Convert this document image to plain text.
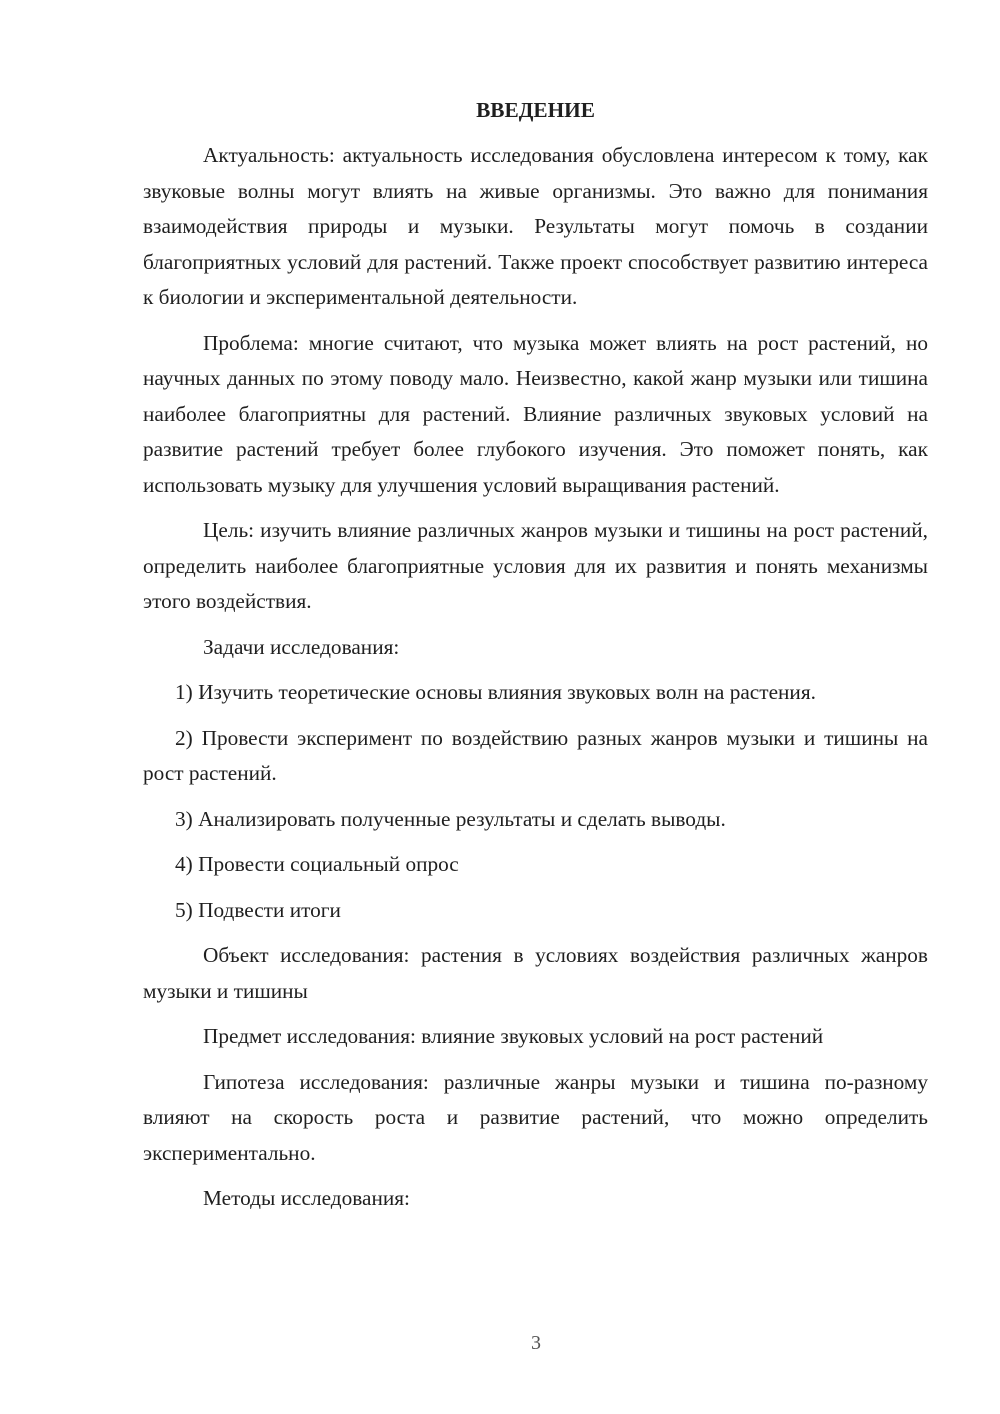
ВВЕДЕНИЕ

Актуальность: актуальность исследования обусловлена интересом к тому, как звуковые волны могут влиять на живые организмы. Это важно для понимания взаимодействия природы и музыки. Результаты могут помочь в создании благоприятных условий для растений. Также проект способствует развитию интереса к биологии и экспериментальной деятельности.

Проблема: многие считают, что музыка может влиять на рост растений, но научных данных по этому поводу мало. Неизвестно, какой жанр музыки или тишина наиболее благоприятны для растений. Влияние различных звуковых условий на развитие растений требует более глубокого изучения. Это поможет понять, как использовать музыку для улучшения условий выращивания растений.

Цель: изучить влияние различных жанров музыки и тишины на рост растений, определить наиболее благоприятные условия для их развития и понять механизмы этого воздействия.

Задачи исследования:

1) Изучить теоретические основы влияния звуковых волн на растения.

2) Провести эксперимент по воздействию разных жанров музыки и тишины на рост растений.

3) Анализировать полученные результаты и сделать выводы.

4) Провести социальный опрос

5) Подвести итоги

Объект исследования: растения в условиях воздействия различных жанров музыки и тишины

Предмет исследования: влияние звуковых условий на рост растений

Гипотеза исследования: различные жанры музыки и тишина по-разному влияют на скорость роста и развитие растений, что можно определить экспериментально.

Методы исследования:

3
